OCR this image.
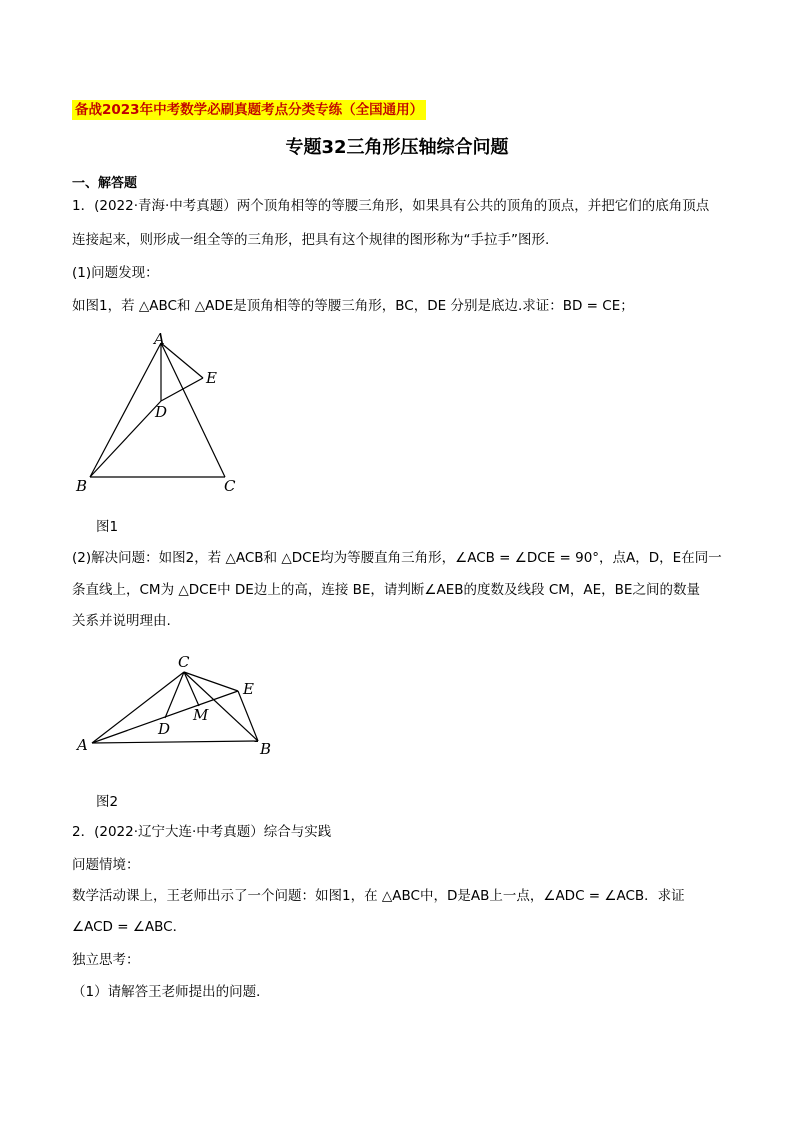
备战2023年中考数学必刷真题考点分类专练（全国通用）
专题32三角形压轴综合问题
一、解答题
1．(2022·青海·中考真题）两个顶角相等的等腰三角形，如果具有公共的顶角的顶点，并把它们的底角顶点
连接起来，则形成一组全等的三角形，把具有这个规律的图形称为“手拉手”图形.
(1)问题发现：
如图1，若 △ABC和 △ADE是顶角相等的等腰三角形，BC，DE 分别是底边.求证：BD = CE；
A
E
D
B	C
图1
(2)解决问题：如图2，若 △ACB和 △DCE均为等腰直角三角形，∠ACB = ∠DCE = 90°，点A，D，E在同一
条直线上，CM为 △DCE中 DE边上的高，连接 BE，请判断∠AEB的度数及线段 CM，AE，BE之间的数量
关系并说明理由.
C
E
M
D
A	B
图2
2．(2022·辽宁大连·中考真题）综合与实践
问题情境：
数学活动课上，王老师出示了一个问题：如图1，在 △ABC中，D是AB上一点，∠ADC = ∠ACB．求证
∠ACD = ∠ABC．
独立思考：
（1）请解答王老师提出的问题．
